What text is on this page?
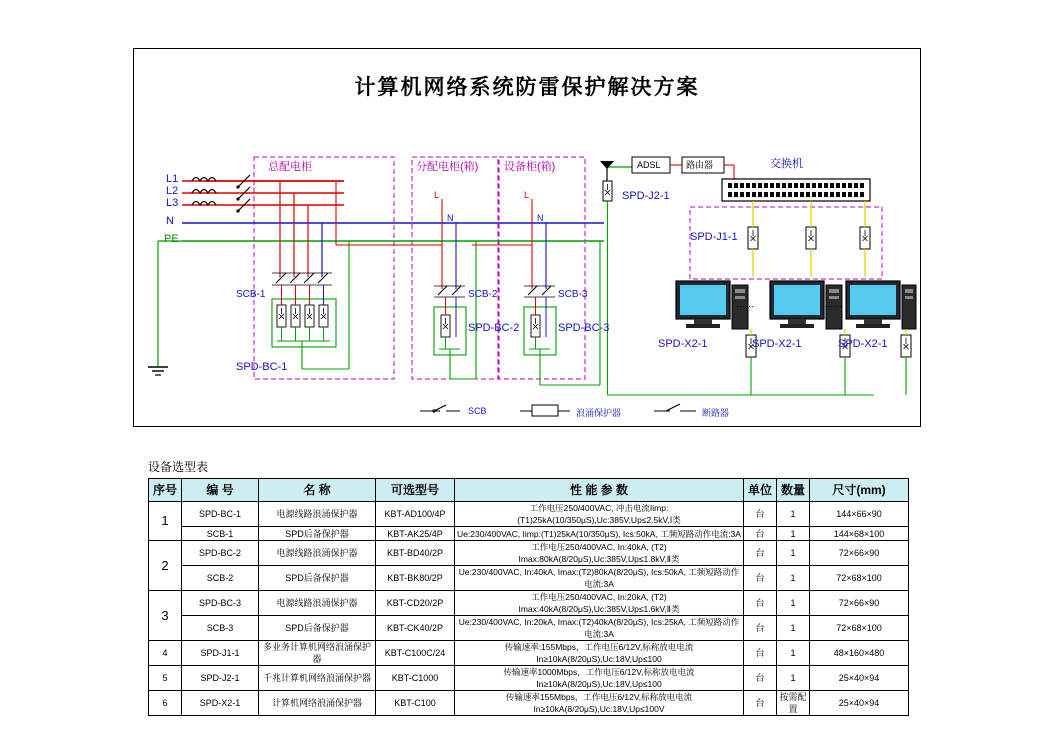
计算机网络系统防雷保护解决方案
L1
L2
L3
N
PE
总配电柜	分配电柜(箱) 设备柜(箱)
L
N
L
N
SCB-1	SCB-2	SCB-3
SPD-BC-1
SPD-BC-2	SPD-BC-3
ADSL	路由器	交换机
SPD-J2-1
SPD-J1-1
SPD-X2-1	SPD-X2-1	SPD-X2-1
……	……
SCB	浪涌保护器	断路器
设备选型表
序号	编 号	名 称	可选型号	性 能 参 数	单位	数量	尺寸(mm)
1	SPD-BC-1	电源线路浪涌保护器	KBT-AD100/4P	工作电压250/400VAC, 冲击电流Iimp:(T1)25kA(10/350μS),Uc:385V,Up≤2.5kV,Ⅰ类	台	1	144×66×90
	SCB-1	SPD后备保护器	KBT-AK25/4P	Ue:230/400VAC, Iimp:(T1)25kA(10/350μS), Ics:50kA, 工频短路动作电流:3A	台	1	144×68×100
2	SPD-BC-2	电源线路浪涌保护器	KBT-BD40/2P	工作电压250/400VAC, In:40kA, (T2) Imax:80kA(8/20μS),Uc:385V,Up≤1.8kV,Ⅱ类	台	1	72×66×90
	SCB-2	SPD后备保护器	KBT-BK80/2P	Ue:230/400VAC, In:40kA, Imax:(T2)80kA(8/20μS), Ics:50kA, 工频短路动作电流:3A	台	1	72×68×100
3	SPD-BC-3	电源线路浪涌保护器	KBT-CD20/2P	工作电压250/400VAC, In:20kA, (T2) Imax:40kA(8/20μS),Uc:385V,Up≤1.6kV,Ⅱ类	台	1	72×66×90
	SCB-3	SPD后备保护器	KBT-CK40/2P	Ue:230/400VAC, In:20kA, Imax:(T2)40kA(8/20μS), Ics:25kA, 工频短路动作电流:3A	台	1	72×68×100
4	SPD-J1-1	多业务计算机网络浪涌保护器	KBT-C100C/24	传输速率:155Mbps，工作电压6/12V,标称放电电流In≥10kA(8/20μS),Uc:18V,Up≤100	台	1	48×160×480
5	SPD-J2-1	千兆计算机网络浪涌保护器	KBT-C1000	传输速率1000Mbps，工作电压6/12V,标称放电电流In≥10kA(8/20μS),Uc:18V,Up≤100	台	1	25×40×94
6	SPD-X2-1	计算机网络浪涌保护器	KBT-C100	传输速率155Mbps，工作电压6/12V,标称放电电流In≥10kA(8/20μS),Uc:18V,Up≤100V	台	按需配置	25×40×94
